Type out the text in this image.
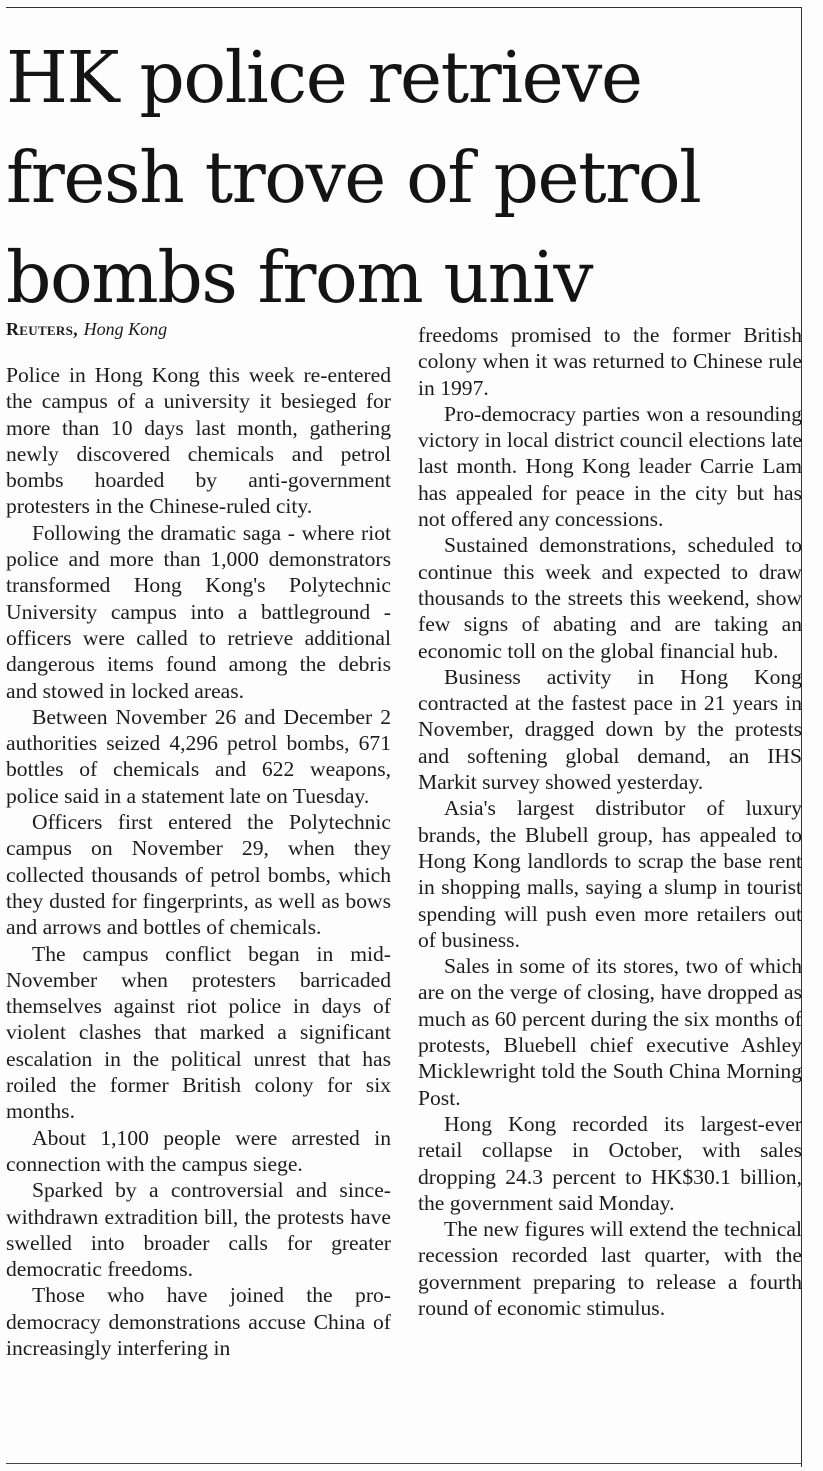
HK police retrieve
fresh trove of petrol
bombs from univ
Reuters, Hong Kong

Police in Hong Kong this week re-entered the campus of a university it besieged for more than 10 days last month, gathering newly discovered chemicals and petrol bombs hoarded by anti-government protesters in the Chinese-ruled city.

Following the dramatic saga - where riot police and more than 1,000 demonstrators transformed Hong Kong's Polytechnic University campus into a battleground - officers were called to retrieve additional dangerous items found among the debris and stowed in locked areas.

Between November 26 and December 2 authorities seized 4,296 petrol bombs, 671 bottles of chemicals and 622 weapons, police said in a statement late on Tuesday.

Officers first entered the Polytechnic campus on November 29, when they collected thousands of petrol bombs, which they dusted for fingerprints, as well as bows and arrows and bottles of chemicals.

The campus conflict began in mid-November when protesters barricaded themselves against riot police in days of violent clashes that marked a significant escalation in the political unrest that has roiled the former British colony for six months.

About 1,100 people were arrested in connection with the campus siege.

Sparked by a controversial and since-withdrawn extradition bill, the protests have swelled into broader calls for greater democratic freedoms.

Those who have joined the pro-democracy demonstrations accuse China of increasingly interfering in

freedoms promised to the former British colony when it was returned to Chinese rule in 1997.

Pro-democracy parties won a resounding victory in local district council elections late last month. Hong Kong leader Carrie Lam has appealed for peace in the city but has not offered any concessions.

Sustained demonstrations, scheduled to continue this week and expected to draw thousands to the streets this weekend, show few signs of abating and are taking an economic toll on the global financial hub.

Business activity in Hong Kong contracted at the fastest pace in 21 years in November, dragged down by the protests and softening global demand, an IHS Markit survey showed yesterday.

Asia's largest distributor of luxury brands, the Blubell group, has appealed to Hong Kong landlords to scrap the base rent in shopping malls, saying a slump in tourist spending will push even more retailers out of business.

Sales in some of its stores, two of which are on the verge of closing, have dropped as much as 60 percent during the six months of protests, Bluebell chief executive Ashley Micklewright told the South China Morning Post.

Hong Kong recorded its largest-ever retail collapse in October, with sales dropping 24.3 percent to HK$30.1 billion, the government said Monday.

The new figures will extend the technical recession recorded last quarter, with the government preparing to release a fourth round of economic stimulus.
